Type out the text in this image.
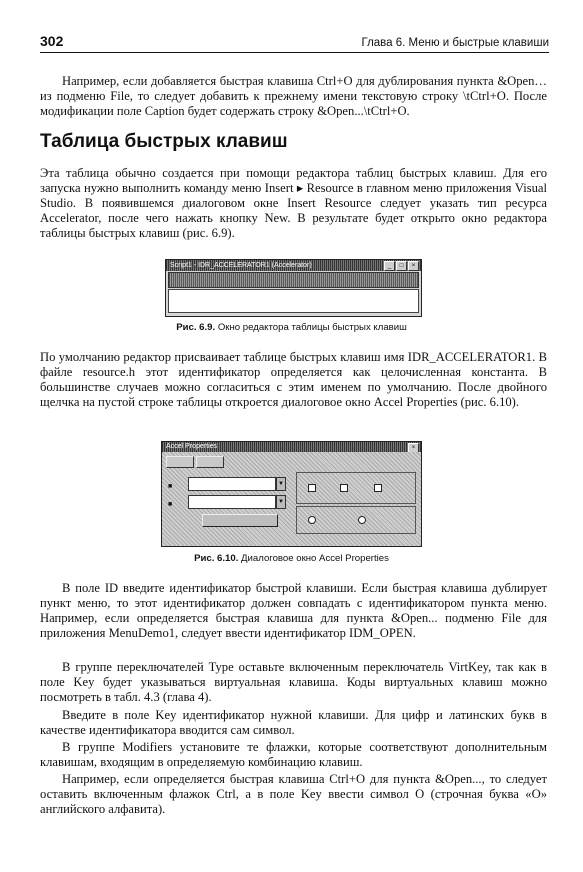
302	Глава 6. Меню и быстрые клавиши

Например, если добавляется быстрая клавиша Ctrl+O для дублирования пункта &Open… из подменю File, то следует добавить к прежнему имени текстовую строку \tCtrl+O. После модификации поле Caption будет содержать строку &Open...\tCtrl+O.

Таблица быстрых клавиш

Эта таблица обычно создается при помощи редактора таблиц быстрых клавиш. Для его запуска нужно выполнить команду меню Insert ▸ Resource в главном меню приложения Visual Studio. В появившемся диалоговом окне Insert Resource следует указать тип ресурса Accelerator, после чего нажать кнопку New. В результате будет открыто окно редактора таблицы быстрых клавиш (рис. 6.9).

Script1 - IDR_ACCELERATOR1 (Accelerator)	_	□	×
Рис. 6.9. Окно редактора таблицы быстрых клавиш

По умолчанию редактор присваивает таблице быстрых клавиш имя IDR_ACCELERATOR1. В файле resource.h этот идентификатор определяется как целочисленная константа. В большинстве случаев можно согласиться с этим именем по умолчанию. После двойного щелчка на пустой строке таблицы откроется диалоговое окно Accel Properties (рис. 6.10).

Accel Properties	×
■	▼
■	▼
Рис. 6.10. Диалоговое окно Accel Properties

В поле ID введите идентификатор быстрой клавиши. Если быстрая клавиша дублирует пункт меню, то этот идентификатор должен совпадать с идентификатором пункта меню. Например, если определяется быстрая клавиша для пункта &Open... подменю File для приложения MenuDemo1, следует ввести идентификатор IDM_OPEN.

В группе переключателей Type оставьте включенным переключатель VirtKey, так как в поле Key будет указываться виртуальная клавиша. Коды виртуальных клавиш можно посмотреть в табл. 4.3 (глава 4).

Введите в поле Key идентификатор нужной клавиши. Для цифр и латинских букв в качестве идентификатора вводится сам символ.

В группе Modifiers установите те флажки, которые соответствуют дополнительным клавишам, входящим в определяемую комбинацию клавиш.

Например, если определяется быстрая клавиша Ctrl+O для пункта &Open..., то следует оставить включенным флажок Ctrl, а в поле Key ввести символ O (строчная буква «O» английского алфавита).
